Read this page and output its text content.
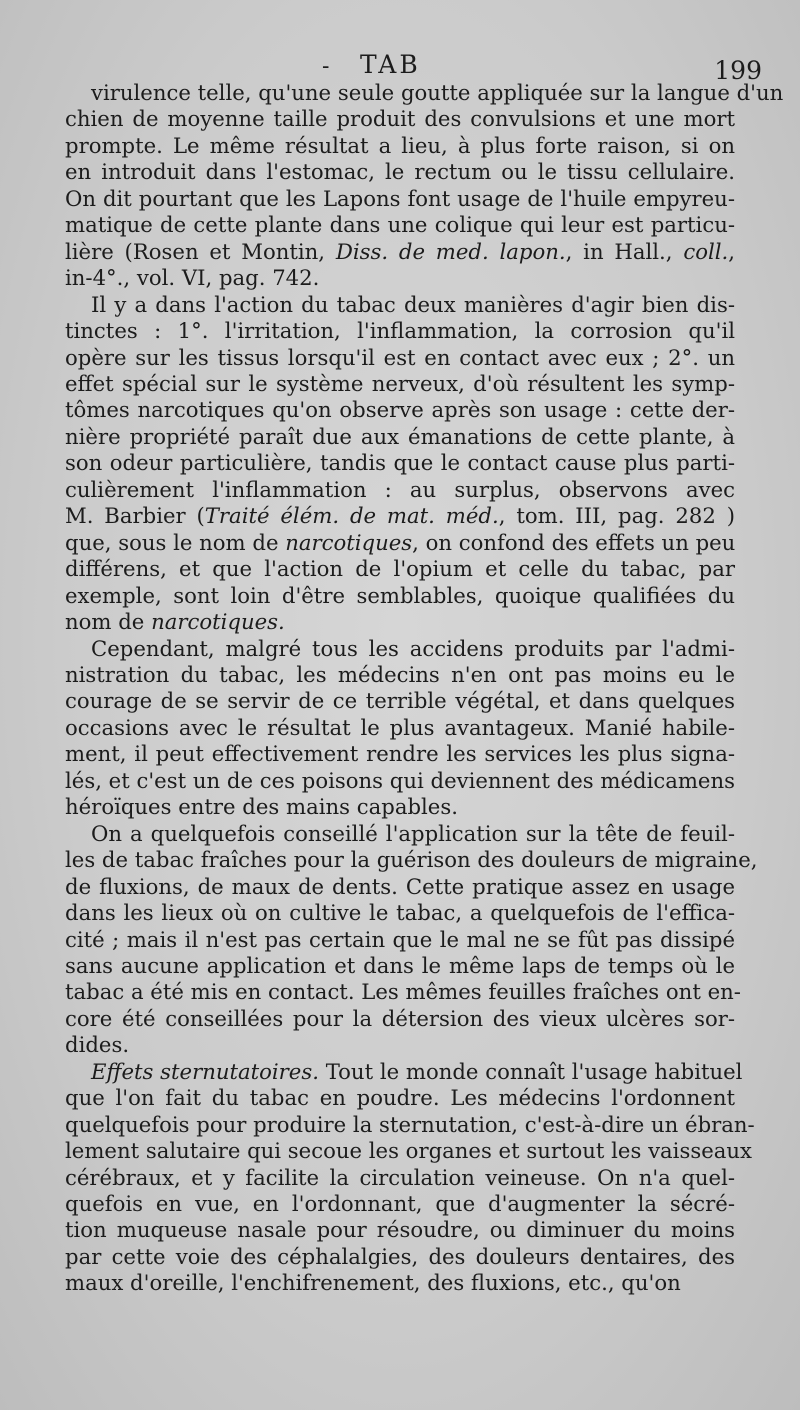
- TAB	199
virulence telle, qu'une seule goutte appliquée sur la langue d'un
chien de moyenne taille produit des convulsions et une mort
prompte. Le même résultat a lieu, à plus forte raison, si on
en introduit dans l'estomac, le rectum ou le tissu cellulaire.
On dit pourtant que les Lapons font usage de l'huile empyreu-
matique de cette plante dans une colique qui leur est particu-
lière (Rosen et Montin, Diss. de med. lapon., in Hall., coll.,
in-4°., vol. VI, pag. 742.
Il y a dans l'action du tabac deux manières d'agir bien dis-
tinctes : 1°. l'irritation, l'inflammation, la corrosion qu'il
opère sur les tissus lorsqu'il est en contact avec eux ; 2°. un
effet spécial sur le système nerveux, d'où résultent les symp-
tômes narcotiques qu'on observe après son usage : cette der-
nière propriété paraît due aux émanations de cette plante, à
son odeur particulière, tandis que le contact cause plus parti-
culièrement l'inflammation : au surplus, observons avec
M. Barbier (Traité élém. de mat. méd., tom. III, pag. 282 )
que, sous le nom de narcotiques, on confond des effets un peu
différens, et que l'action de l'opium et celle du tabac, par
exemple, sont loin d'être semblables, quoique qualifiées du
nom de narcotiques.
Cependant, malgré tous les accidens produits par l'admi-
nistration du tabac, les médecins n'en ont pas moins eu le
courage de se servir de ce terrible végétal, et dans quelques
occasions avec le résultat le plus avantageux. Manié habile-
ment, il peut effectivement rendre les services les plus signa-
lés, et c'est un de ces poisons qui deviennent des médicamens
héroïques entre des mains capables.
On a quelquefois conseillé l'application sur la tête de feuil-
les de tabac fraîches pour la guérison des douleurs de migraine,
de fluxions, de maux de dents. Cette pratique assez en usage
dans les lieux où on cultive le tabac, a quelquefois de l'effica-
cité ; mais il n'est pas certain que le mal ne se fût pas dissipé
sans aucune application et dans le même laps de temps où le
tabac a été mis en contact. Les mêmes feuilles fraîches ont en-
core été conseillées pour la détersion des vieux ulcères sor-
dides.
Effets sternutatoires. Tout le monde connaît l'usage habituel
que l'on fait du tabac en poudre. Les médecins l'ordonnent
quelquefois pour produire la sternutation, c'est-à-dire un ébran-
lement salutaire qui secoue les organes et surtout les vaisseaux
cérébraux, et y facilite la circulation veineuse. On n'a quel-
quefois en vue, en l'ordonnant, que d'augmenter la sécré-
tion muqueuse nasale pour résoudre, ou diminuer du moins
par cette voie des céphalalgies, des douleurs dentaires, des
maux d'oreille, l'enchifrenement, des fluxions, etc., qu'on
